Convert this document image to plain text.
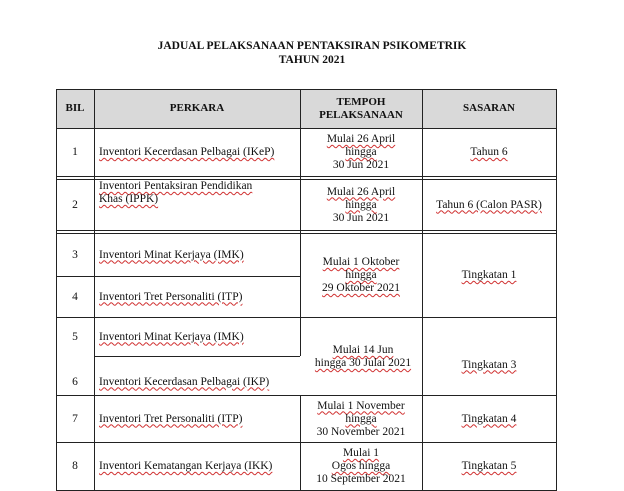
JADUAL PELAKSANAAN PENTAKSIRAN PSIKOMETRIK
TAHUN 2021
BIL	PERKARA
TEMPOH
PELAKSANAAN
SASARAN
1 Inventori Kecerdasan Pelbagai (IKeP)
Mulai 26 April
hingga
30 Jun 2021
Tahun 6
2
Inventori Pentaksiran Pendidikan
Khas (IPPK)
Mulai 26 April
hingga
30 Jun 2021
Tahun 6 (Calon PASR)
3 Inventori Minat Kerjaya (IMK)
4 Inventori Tret Personaliti (ITP)
Mulai 1 Oktober
hingga
29 Oktober 2021
Tingkatan 1
5 Inventori Minat Kerjaya (IMK)
6 Inventori Kecerdasan Pelbagai (IKP)
Mulai 14 Jun
hingga 30 Julai 2021	Tingkatan 3
7 Inventori Tret Personaliti (ITP)
Mulai 1 November
hingga
30 November 2021
Tingkatan 4
8 Inventori Kematangan Kerjaya (IKK)
Mulai 1
Ogos hingga
10 September 2021
Tingkatan 5
